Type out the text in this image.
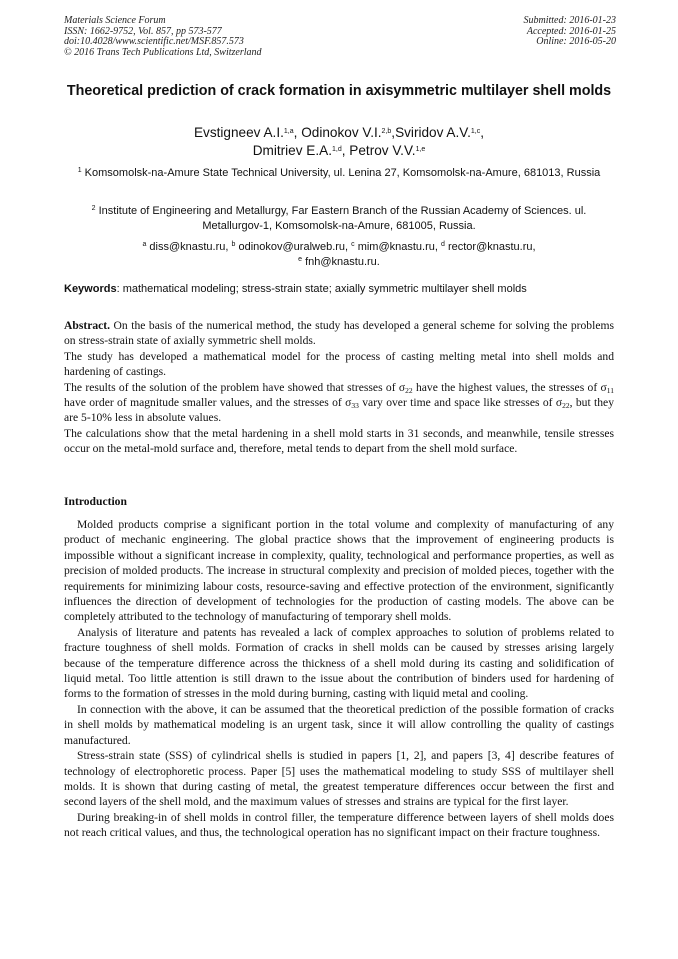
Materials Science Forum
ISSN: 1662-9752, Vol. 857, pp 573-577
doi:10.4028/www.scientific.net/MSF.857.573
© 2016 Trans Tech Publications Ltd, Switzerland
Submitted: 2016-01-23
Accepted: 2016-01-25
Online: 2016-05-20
Theoretical prediction of crack formation in axisymmetric multilayer shell molds
Evstigneev A.I.$^{1,a}$, Odinokov V.I.$^{2,b}$,Sviridov A.V.$^{1,c}$,
Dmitriev E.A.$^{1,d}$, Petrov V.V.$^{1,e}$
$^1$ Komsomolsk-na-Amure State Technical University, ul. Lenina 27, Komsomolsk-na-Amure, 681013, Russia
$^2$ Institute of Engineering and Metallurgy, Far Eastern Branch of the Russian Academy of Sciences. ul. Metallurgov-1, Komsomolsk-na-Amure, 681005, Russia.
$^a$ diss@knastu.ru, $^b$ odinokov@uralweb.ru, $^c$ mim@knastu.ru, $^d$ rector@knastu.ru,
$^e$ fnh@knastu.ru.
Keywords: mathematical modeling; stress-strain state; axially symmetric multilayer shell molds

Abstract. On the basis of the numerical method, the study has developed a general scheme for solving the problems on stress-strain state of axially symmetric shell molds.

The study has developed a mathematical model for the process of casting melting metal into shell molds and hardening of castings.

The results of the solution of the problem have showed that stresses of $\sigma_{22}$ have the highest values, the stresses of $\sigma_{11}$ have order of magnitude smaller values, and the stresses of $\sigma_{33}$ vary over time and space like stresses of $\sigma_{22}$, but they are 5-10% less in absolute values.

The calculations show that the metal hardening in a shell mold starts in 31 seconds, and meanwhile, tensile stresses occur on the metal-mold surface and, therefore, metal tends to depart from the shell mold surface.

Introduction

Molded products comprise a significant portion in the total volume and complexity of manufacturing of any product of mechanic engineering. The global practice shows that the improvement of engineering products is impossible without a significant increase in complexity, quality, technological and performance properties, as well as precision of molded products. The increase in structural complexity and precision of molded pieces, together with the requirements for minimizing labour costs, resource-saving and effective protection of the environment, significantly influences the direction of development of technologies for the production of casting models. The above can be completely attributed to the technology of manufacturing of temporary shell molds.

Analysis of literature and patents has revealed a lack of complex approaches to solution of problems related to fracture toughness of shell molds. Formation of cracks in shell molds can be caused by stresses arising largely because of the temperature difference across the thickness of a shell mold during its casting and solidification of liquid metal. Too little attention is still drawn to the issue about the contribution of binders used for hardening of forms to the formation of stresses in the mold during burning, casting with liquid metal and cooling.

In connection with the above, it can be assumed that the theoretical prediction of the possible formation of cracks in shell molds by mathematical modeling is an urgent task, since it will allow controlling the quality of castings manufactured.

Stress-strain state (SSS) of cylindrical shells is studied in papers [1, 2], and papers [3, 4] describe features of technology of electrophoretic process. Paper [5] uses the mathematical modeling to study SSS of multilayer shell molds. It is shown that during casting of metal, the greatest temperature differences occur between the first and second layers of the shell mold, and the maximum values of stresses and strains are typical for the first layer.

During breaking-in of shell molds in control filler, the temperature difference between layers of shell molds does not reach critical values, and thus, the technological operation has no significant impact on their fracture toughness.
